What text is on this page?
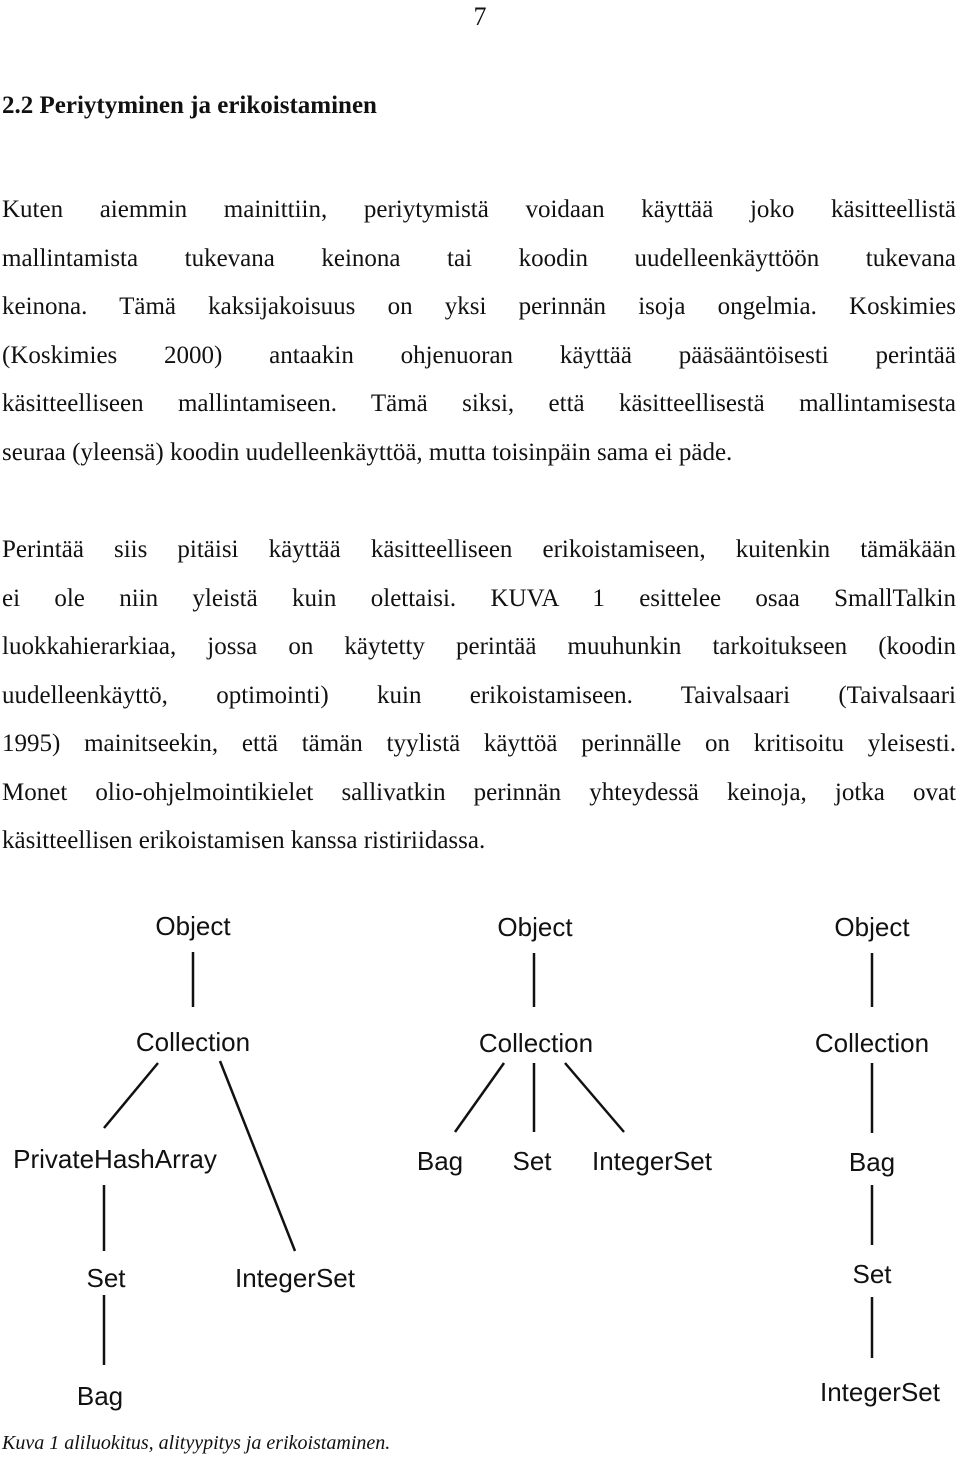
7
2.2 Periytyminen ja erikoistaminen
Kuten aiemmin mainittiin, periytymistä voidaan käyttää joko käsitteellistä
mallintamista tukevana keinona tai koodin uudelleenkäyttöön tukevana
keinona. Tämä kaksijakoisuus on yksi perinnän isoja ongelmia. Koskimies
(Koskimies 2000) antaakin ohjenuoran käyttää pääsääntöisesti perintää
käsitteelliseen mallintamiseen. Tämä siksi, että käsitteellisestä mallintamisesta
seuraa (yleensä) koodin uudelleenkäyttöä, mutta toisinpäin sama ei päde.
Perintää siis pitäisi käyttää käsitteelliseen erikoistamiseen, kuitenkin tämäkään
ei ole niin yleistä kuin olettaisi. KUVA 1 esittelee osaa SmallTalkin
luokkahierarkiaa, jossa on käytetty perintää muuhunkin tarkoitukseen (koodin
uudelleenkäyttö, optimointi) kuin erikoistamiseen. Taivalsaari (Taivalsaari
1995) mainitseekin, että tämän tyylistä käyttöä perinnälle on kritisoitu yleisesti.
Monet olio-ohjelmointikielet sallivatkin perinnän yhteydessä keinoja, jotka ovat
käsitteellisen erikoistamisen kanssa ristiriidassa.
Object
Collection
PrivateHashArray
Set	IntegerSet
Bag
Object
Collection
Bag Set IntegerSet
Object
Collection
Bag
Set
IntegerSet

Kuva 1 aliluokitus, alityypitys ja erikoistaminen.
